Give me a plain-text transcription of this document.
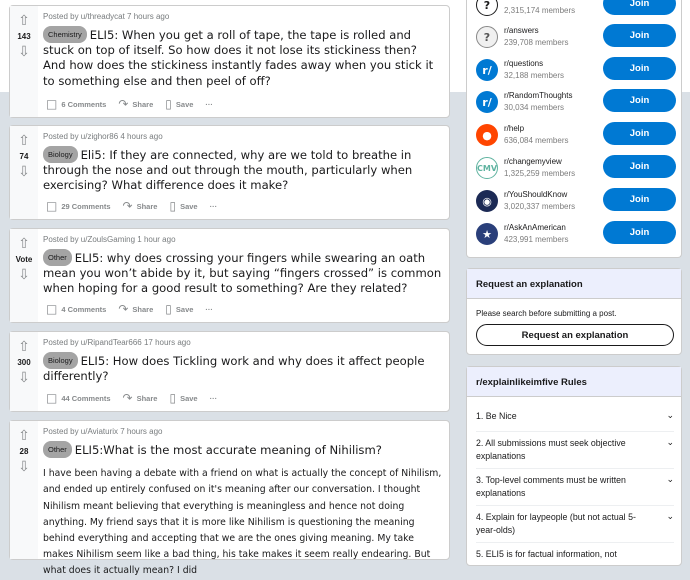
⇧
143
⇩
Posted by u/threadycat 7 hours ago
Chemistry ELI5: When you get a roll of tape, the tape is rolled and stuck on top of itself. So how does it not lose its stickiness then? And how does the stickiness instantly fades away when you stick it to something else and then peel of off?
□ 6 Comments ↷ Share ▯ Save ···
⇧
74
⇩
Posted by u/zighor86 4 hours ago
Biology Eli5: If they are connected, why are we told to breathe in through the nose and out through the mouth, particularly when exercising? What difference does it make?
□ 29 Comments ↷ Share ▯ Save ···
⇧
Vote
⇩
Posted by u/ZoulsGaming 1 hour ago
Other ELI5: why does crossing your fingers while swearing an oath mean you won’t abide by it, but saying “fingers crossed” is common when hoping for a good result to something? Are they related?
□ 4 Comments ↷ Share ▯ Save ···
⇧
300
⇩
Posted by u/RipandTear666 17 hours ago
Biology ELI5: How does Tickling work and why does it affect people differently?
□ 44 Comments ↷ Share ▯ Save ···
⇧
28
⇩
Posted by u/Aviaturix 7 hours ago
Other ELI5:What is the most accurate meaning of Nihilism?
I have been having a debate with a friend on what is actually the concept of Nihilism, and ended up entirely confused on it's meaning after our conversation. I thought Nihilism meant believing that everything is meaningless and hence not doing anything. My friend says that it is more like Nihilism is questioning the meaning behind everything and accepting that we are the ones giving meaning. My take makes Nihilism seem like a bad thing, his take makes it seem really endearing. But what does it actually mean? I did
?	2,315,174 members
Join
?	r/answers
239,708 members
Join
r/	r/questions
32,188 members
Join
r/	r/RandomThoughts
30,034 members
Join
●	r/help
636,084 members
Join
CMV
r/changemyview
1,325,259 members
Join
◉	r/YouShouldKnow
3,020,337 members
Join
★	r/AskAnAmerican
423,991 members
Join
Request an explanation
Please search before submitting a post.
Request an explanation
r/explainlikeimfive Rules
1. Be Nice	⌄
2. All submissions must seek objective explanations
⌄
3. Top-level comments must be written explanations
⌄
4. Explain for laypeople (but not actual 5-year-olds)
⌄
5. ELI5 is for factual information, not
